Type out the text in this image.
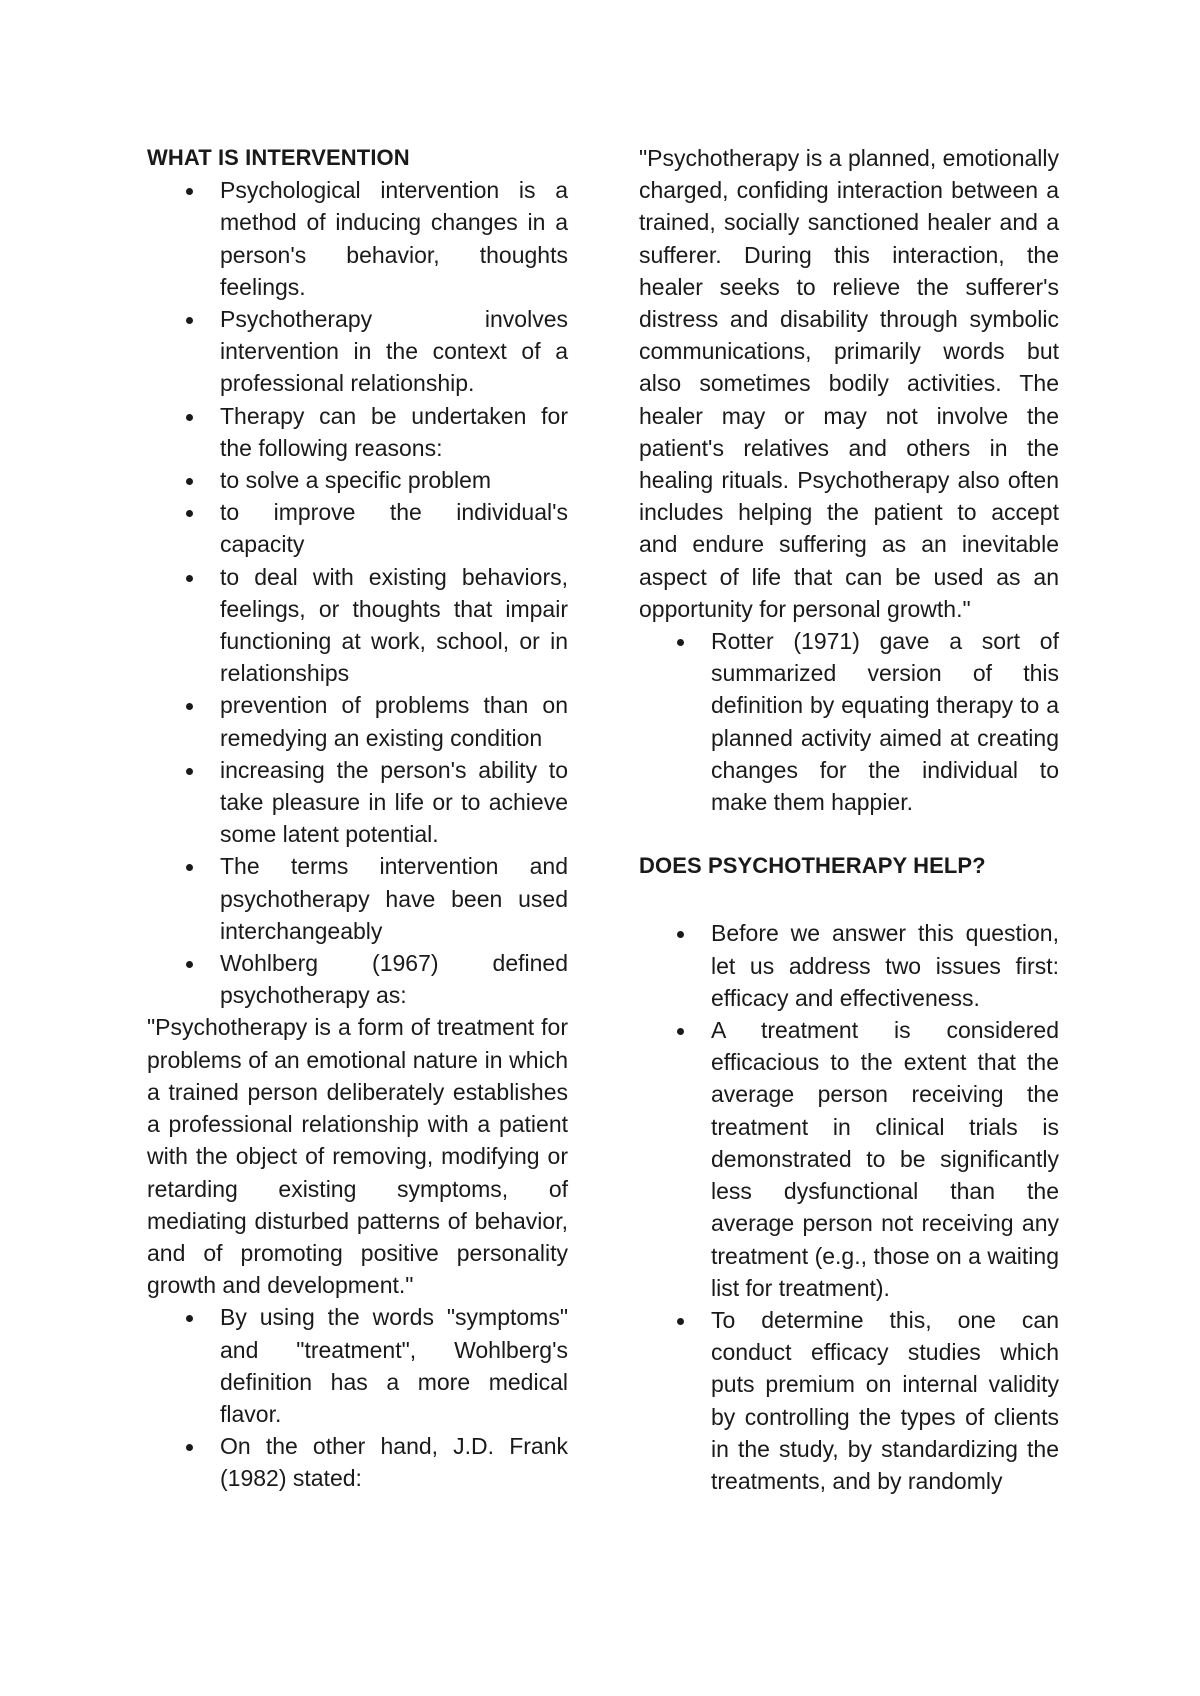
WHAT IS INTERVENTION
Psychological intervention is a method of inducing changes in a person's behavior, thoughts feelings.
Psychotherapy involves intervention in the context of a professional relationship.
Therapy can be undertaken for the following reasons:
to solve a specific problem
to improve the individual's capacity
to deal with existing behaviors, feelings, or thoughts that impair functioning at work, school, or in relationships
prevention of problems than on remedying an existing condition
increasing the person's ability to take pleasure in life or to achieve some latent potential.
The terms intervention and psychotherapy have been used interchangeably
Wohlberg (1967) defined psychotherapy as:

"Psychotherapy is a form of treatment for problems of an emotional nature in which a trained person deliberately establishes a professional relationship with a patient with the object of removing, modifying or retarding existing symptoms, of mediating disturbed patterns of behavior, and of promoting positive personality growth and development."

By using the words "symptoms" and "treatment", Wohlberg's definition has a more medical flavor.
On the other hand, J.D. Frank (1982) stated:

"Psychotherapy is a planned, emotionally charged, confiding interaction between a trained, socially sanctioned healer and a sufferer. During this interaction, the healer seeks to relieve the sufferer's distress and disability through symbolic communications, primarily words but also sometimes bodily activities. The healer may or may not involve the patient's relatives and others in the healing rituals. Psychotherapy also often includes helping the patient to accept and endure suffering as an inevitable aspect of life that can be used as an opportunity for personal growth."

Rotter (1971) gave a sort of summarized version of this definition by equating therapy to a planned activity aimed at creating changes for the individual to make them happier.
DOES PSYCHOTHERAPY HELP?
Before we answer this question, let us address two issues first: efficacy and effectiveness.
A treatment is considered efficacious to the extent that the average person receiving the treatment in clinical trials is demonstrated to be significantly less dysfunctional than the average person not receiving any treatment (e.g., those on a waiting list for treatment).
To determine this, one can conduct efficacy studies which puts premium on internal validity by controlling the types of clients in the study, by standardizing the treatments, and by randomly
